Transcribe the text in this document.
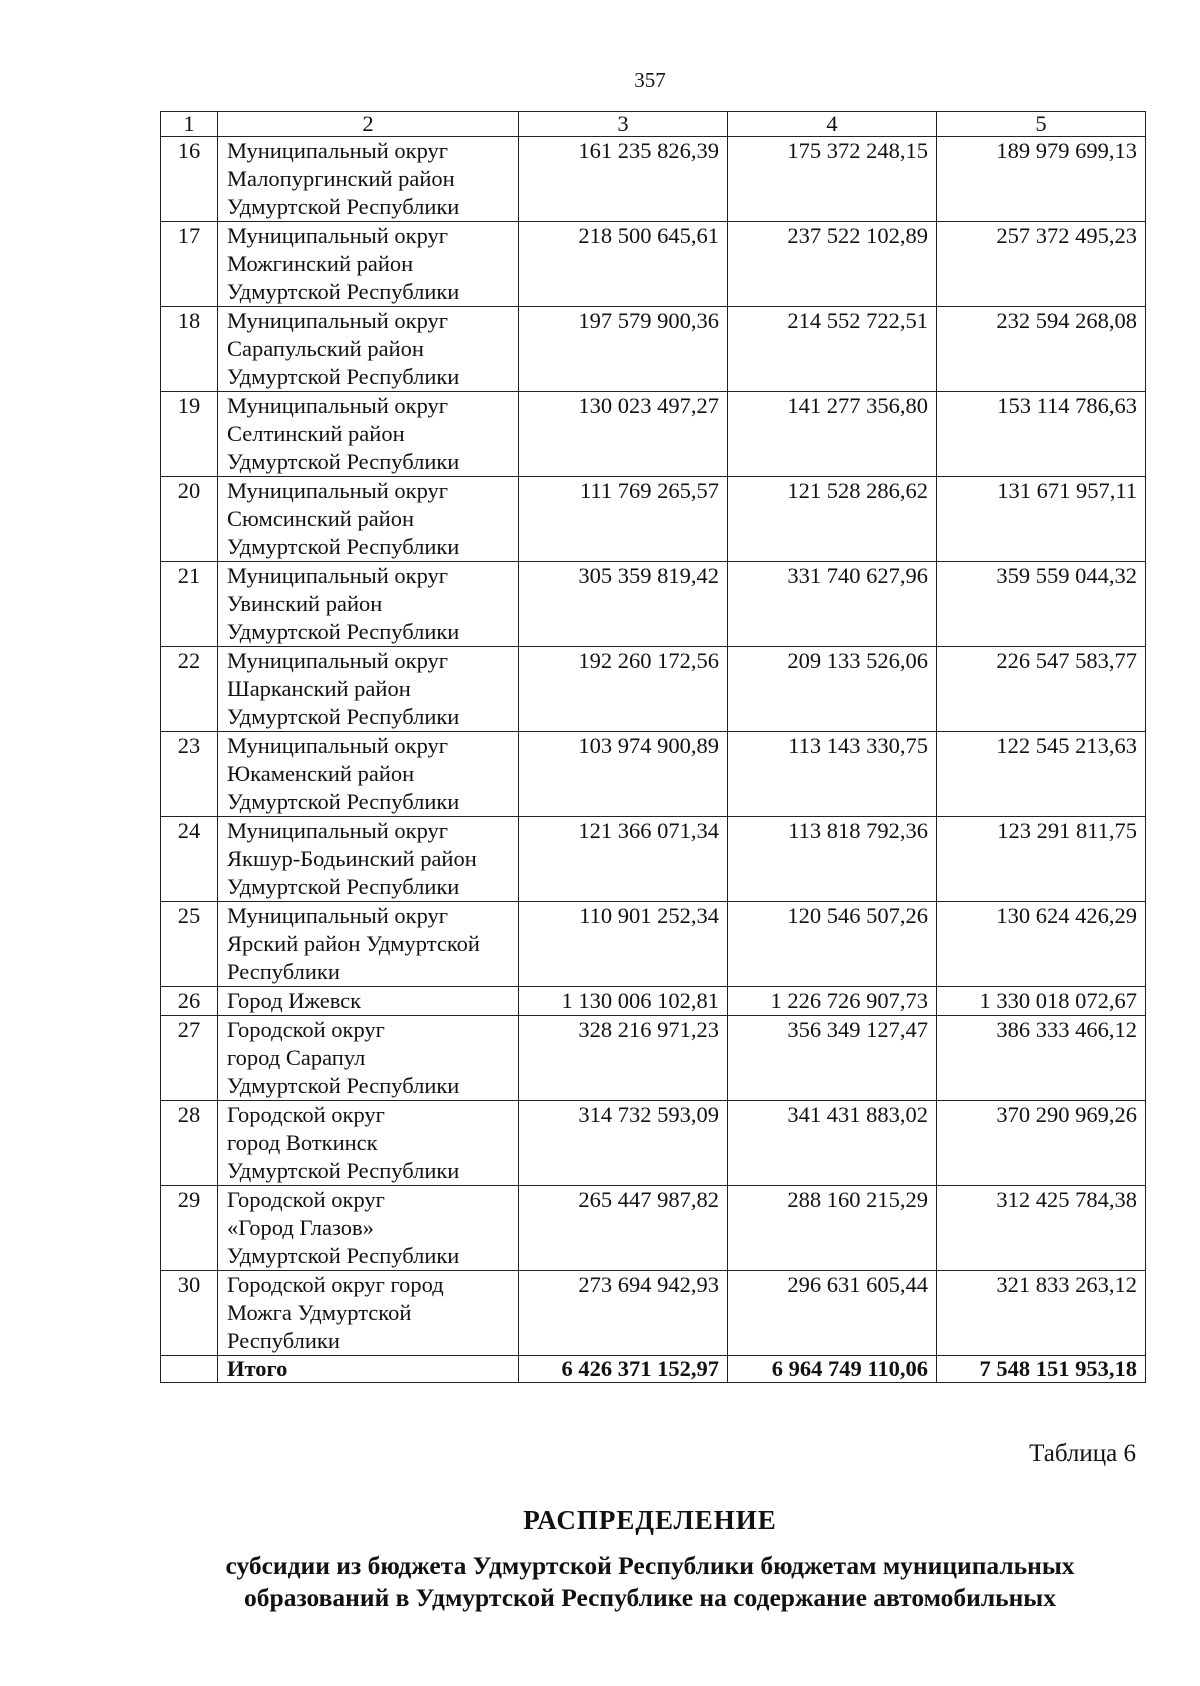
357
1	2	3	4	5
16	Муниципальный округ
Малопургинский район
Удмуртской Республики	161 235 826,39	175 372 248,15	189 979 699,13
17	Муниципальный округ
Можгинский район
Удмуртской Республики	218 500 645,61	237 522 102,89	257 372 495,23
18	Муниципальный округ
Сарапульский район
Удмуртской Республики	197 579 900,36	214 552 722,51	232 594 268,08
19	Муниципальный округ
Селтинский район
Удмуртской Республики	130 023 497,27	141 277 356,80	153 114 786,63
20	Муниципальный округ
Сюмсинский район
Удмуртской Республики	111 769 265,57	121 528 286,62	131 671 957,11
21	Муниципальный округ
Увинский район
Удмуртской Республики	305 359 819,42	331 740 627,96	359 559 044,32
22	Муниципальный округ
Шарканский район
Удмуртской Республики	192 260 172,56	209 133 526,06	226 547 583,77
23	Муниципальный округ
Юкаменский район
Удмуртской Республики	103 974 900,89	113 143 330,75	122 545 213,63
24	Муниципальный округ
Якшур-Бодьинский район
Удмуртской Республики	121 366 071,34	113 818 792,36	123 291 811,75
25	Муниципальный округ
Ярский район Удмуртской
Республики	110 901 252,34	120 546 507,26	130 624 426,29
26	Город Ижевск	1 130 006 102,81	1 226 726 907,73	1 330 018 072,67
27	Городской округ
город Сарапул
Удмуртской Республики	328 216 971,23	356 349 127,47	386 333 466,12
28	Городской округ
город Воткинск
Удмуртской Республики	314 732 593,09	341 431 883,02	370 290 969,26
29	Городской округ
«Город Глазов»
Удмуртской Республики	265 447 987,82	288 160 215,29	312 425 784,38
30	Городской округ город
Можга Удмуртской
Республики	273 694 942,93	296 631 605,44	321 833 263,12
	Итого	6 426 371 152,97	6 964 749 110,06	7 548 151 953,18
Таблица 6
РАСПРЕДЕЛЕНИЕ
субсидии из бюджета Удмуртской Республики бюджетам муниципальных
образований в Удмуртской Республике на содержание автомобильных
